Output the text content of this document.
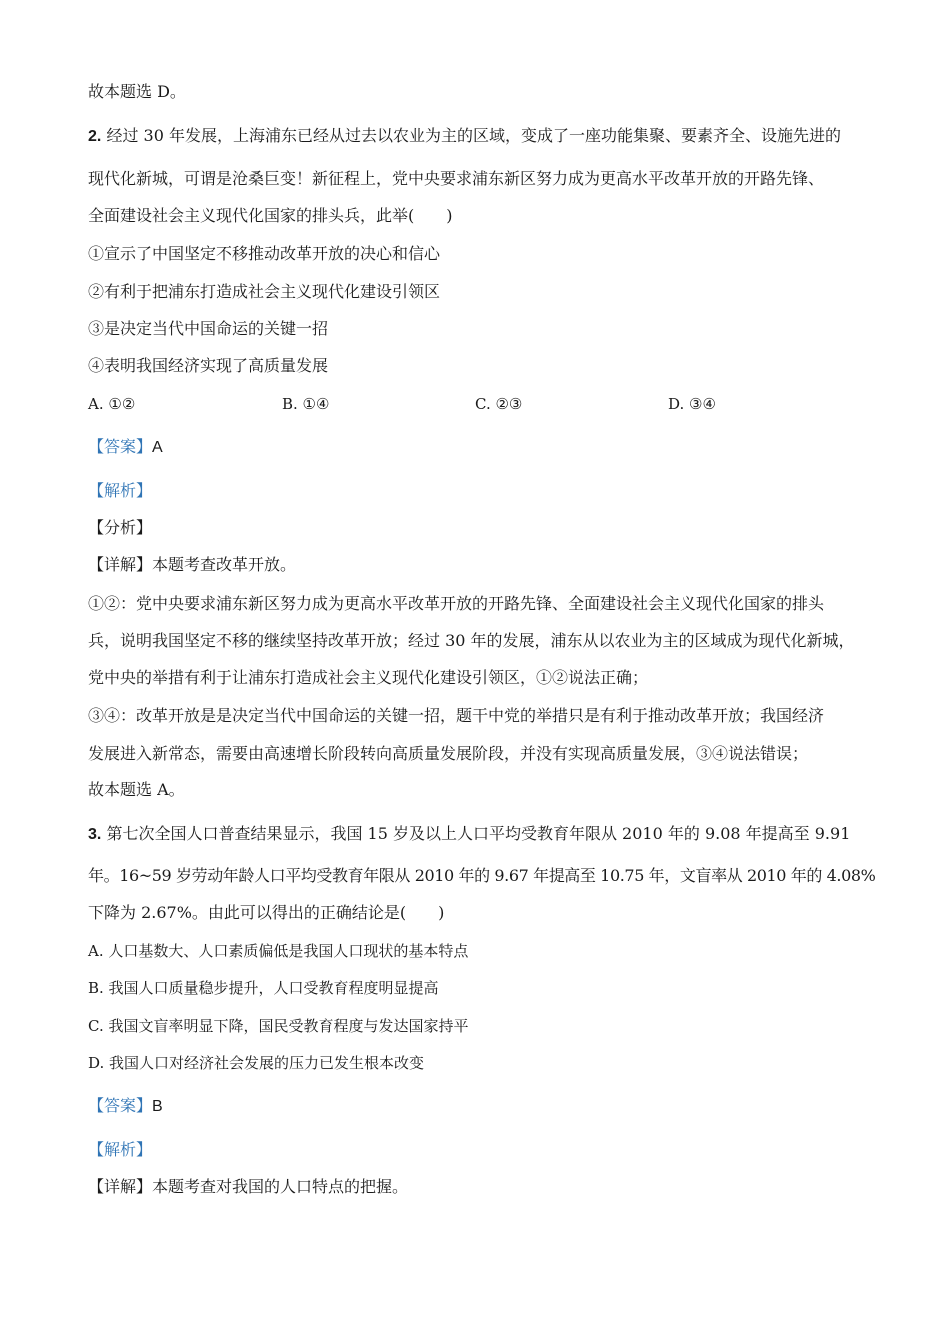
故本题选 D。
2. 经过 30 年发展，上海浦东已经从过去以农业为主的区域，变成了一座功能集聚、要素齐全、设施先进的
现代化新城，可谓是沧桑巨变！新征程上，党中央要求浦东新区努力成为更高水平改革开放的开路先锋、
全面建设社会主义现代化国家的排头兵，此举(　　)
①宣示了中国坚定不移推动改革开放的决心和信心
②有利于把浦东打造成社会主义现代化建设引领区
③是决定当代中国命运的关键一招
④表明我国经济实现了高质量发展
A. ①②	B. ①④	C. ②③	D. ③④
【答案】A
【解析】
【分析】
【详解】本题考查改革开放。
①②：党中央要求浦东新区努力成为更高水平改革开放的开路先锋、全面建设社会主义现代化国家的排头
兵，说明我国坚定不移的继续坚持改革开放；经过 30 年的发展，浦东从以农业为主的区域成为现代化新城，
党中央的举措有利于让浦东打造成社会主义现代化建设引领区，①②说法正确；
③④：改革开放是是决定当代中国命运的关键一招，题干中党的举措只是有利于推动改革开放；我国经济
发展进入新常态，需要由高速增长阶段转向高质量发展阶段，并没有实现高质量发展，③④说法错误；
故本题选 A。
3. 第七次全国人口普查结果显示，我国 15 岁及以上人口平均受教育年限从 2010 年的 9.08 年提高至 9.91
年。16~59 岁劳动年龄人口平均受教育年限从 2010 年的 9.67 年提高至 10.75 年，文盲率从 2010 年的 4.08%
下降为 2.67%。由此可以得出的正确结论是(　　)
A. 人口基数大、人口素质偏低是我国人口现状的基本特点
B. 我国人口质量稳步提升，人口受教育程度明显提高
C. 我国文盲率明显下降，国民受教育程度与发达国家持平
D. 我国人口对经济社会发展的压力已发生根本改变
【答案】B
【解析】
【详解】本题考查对我国的人口特点的把握。
